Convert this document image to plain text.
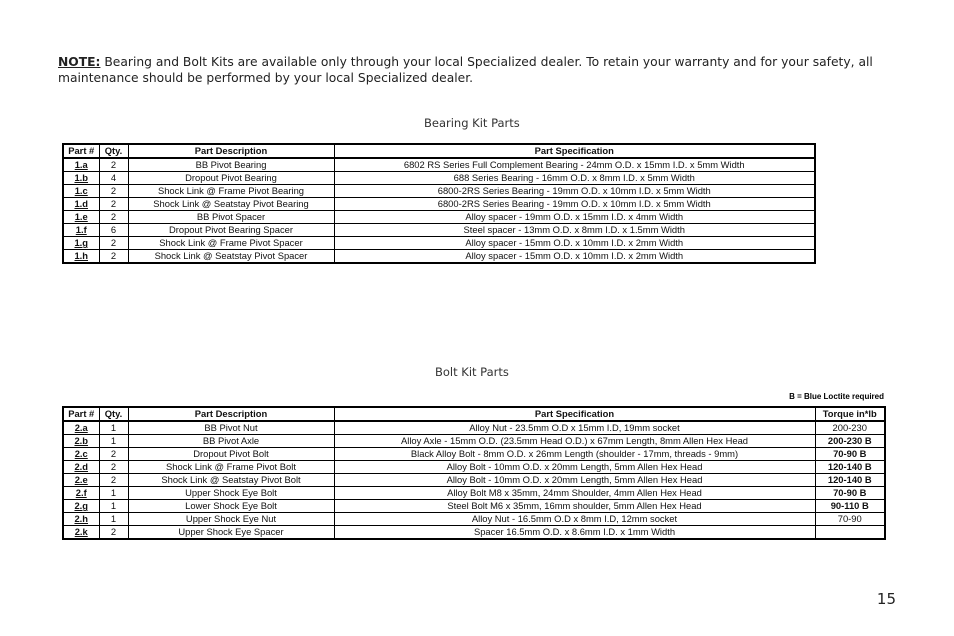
NOTE: Bearing and Bolt Kits are available only through your local Specialized dealer. To retain your warranty and for your safety, all maintenance should be performed by your local Specialized dealer.
Bearing Kit Parts
Part #	Qty.	Part Description	Part Specification
1.a	2	BB Pivot Bearing	6802 RS Series Full Complement Bearing - 24mm O.D. x 15mm I.D. x 5mm Width
1.b	4	Dropout Pivot Bearing	688 Series Bearing - 16mm O.D. x 8mm I.D. x 5mm Width
1.c	2	Shock Link @ Frame Pivot Bearing	6800-2RS Series Bearing - 19mm O.D. x 10mm I.D. x 5mm Width
1.d	2	Shock Link @ Seatstay Pivot Bearing	6800-2RS Series Bearing - 19mm O.D. x 10mm I.D. x 5mm Width
1.e	2	BB Pivot Spacer	Alloy spacer - 19mm O.D. x 15mm I.D. x 4mm Width
1.f	6	Dropout Pivot Bearing Spacer	Steel spacer - 13mm O.D. x 8mm I.D. x 1.5mm Width
1.g	2	Shock Link @ Frame Pivot Spacer	Alloy spacer - 15mm O.D. x 10mm I.D. x 2mm Width
1.h	2	Shock Link @ Seatstay Pivot Spacer	Alloy spacer - 15mm O.D. x 10mm I.D. x 2mm Width
Bolt Kit Parts
B = Blue Loctite required
Part #	Qty.	Part Description	Part Specification	Torque in*lb
2.a	1	BB Pivot Nut	Alloy Nut - 23.5mm O.D x 15mm I.D, 19mm socket	200-230
2.b	1	BB Pivot Axle	Alloy Axle - 15mm O.D. (23.5mm Head O.D.) x 67mm Length, 8mm Allen Hex Head	200-230 B
2.c	2	Dropout Pivot Bolt	Black Alloy Bolt - 8mm O.D. x 26mm Length (shoulder - 17mm, threads - 9mm)	70-90 B
2.d	2	Shock Link @ Frame Pivot Bolt	Alloy Bolt - 10mm O.D. x 20mm Length, 5mm Allen Hex Head	120-140 B
2.e	2	Shock Link @ Seatstay Pivot Bolt	Alloy Bolt - 10mm O.D. x 20mm Length, 5mm Allen Hex Head	120-140 B
2.f	1	Upper Shock Eye Bolt	Alloy Bolt M8 x 35mm, 24mm Shoulder, 4mm Allen Hex Head	70-90 B
2.g	1	Lower Shock Eye Bolt	Steel Bolt M6 x 35mm, 16mm shoulder, 5mm Allen Hex Head	90-110 B
2.h	1	Upper Shock Eye Nut	Alloy Nut - 16.5mm O.D x 8mm I.D, 12mm socket	70-90
2.k	2	Upper Shock Eye Spacer	Spacer 16.5mm O.D. x 8.6mm I.D. x 1mm Width	
15
